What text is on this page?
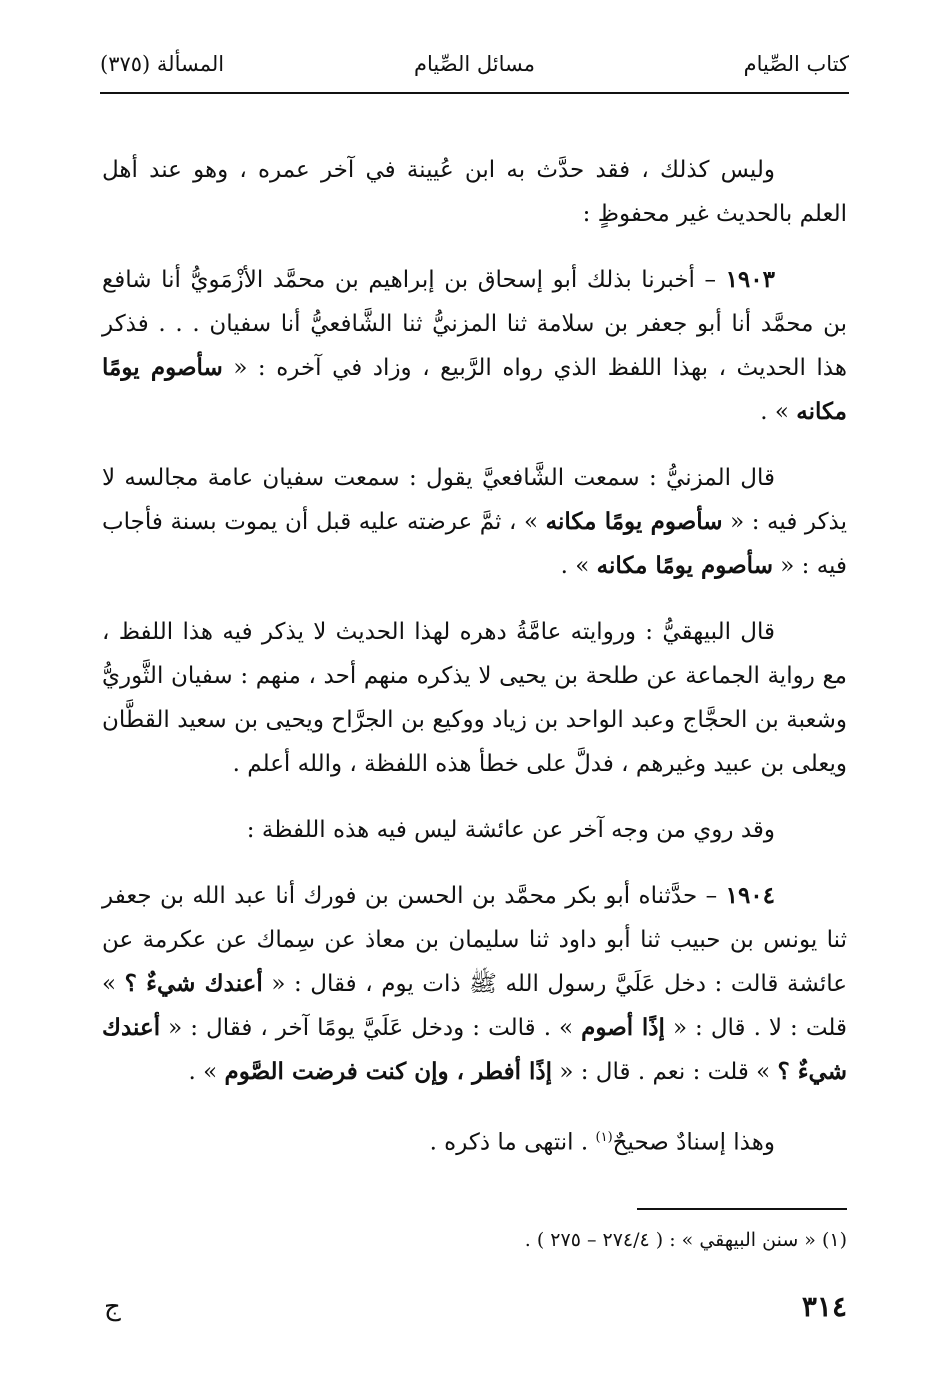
كتاب الصِّيام
مسائل الصِّيام
المسألة (٣٧٥)

وليس كذلك ، فقد حدَّث به ابن عُيينة في آخر عمره ، وهو عند أهل العلم بالحديث غير محفوظٍ :

١٩٠٣ – أخبرنا بذلك أبو إسحاق بن إبراهيم بن محمَّد الأزْمَويُّ أنا شافع بن محمَّد أنا أبو جعفر بن سلامة ثنا المزنيُّ ثنا الشَّافعيُّ أنا سفيان . . . فذكر هذا الحديث ، بهذا اللفظ الذي رواه الرَّبيع ، وزاد في آخره : « سأصوم يومًا مكانه » .

قال المزنيُّ : سمعت الشَّافعيَّ يقول : سمعت سفيان عامة مجالسه لا يذكر فيه : « سأصوم يومًا مكانه » ، ثمَّ عرضته عليه قبل أن يموت بسنة فأجاب فيه : « سأصوم يومًا مكانه » .

قال البيهقيُّ : وروايته عامَّةُ دهره لهذا الحديث لا يذكر فيه هذا اللفظ ، مع رواية الجماعة عن طلحة بن يحيى لا يذكره منهم أحد ، منهم : سفيان الثَّوريُّ وشعبة بن الحجَّاج وعبد الواحد بن زياد ووكيع بن الجرَّاح ويحيى بن سعيد القطَّان ويعلى بن عبيد وغيرهم ، فدلَّ على خطأ هذه اللفظة ، والله أعلم .

وقد روي من وجه آخر عن عائشة ليس فيه هذه اللفظة :

١٩٠٤ – حدَّثناه أبو بكر محمَّد بن الحسن بن فورك أنا عبد الله بن جعفر ثنا يونس بن حبيب ثنا أبو داود ثنا سليمان بن معاذ عن سِماك عن عكرمة عن عائشة قالت : دخل عَلَيَّ رسول الله ﷺ ذات يوم ، فقال : « أعندك شيءٌ ؟ » قلت : لا . قال : « إذًا أصوم » . قالت : ودخل عَلَيَّ يومًا آخر ، فقال : « أعندك شيءٌ ؟ » قلت : نعم . قال : « إذًا أفطر ، وإن كنت فرضت الصَّوم » .

وهذا إسنادٌ صحيحٌ$^{(١)}$ . انتهى ما ذكره .

(١) « سنن البيهقي » : ( ٢٧٤/٤ – ٢٧٥ ) .
٣١٤
ج
